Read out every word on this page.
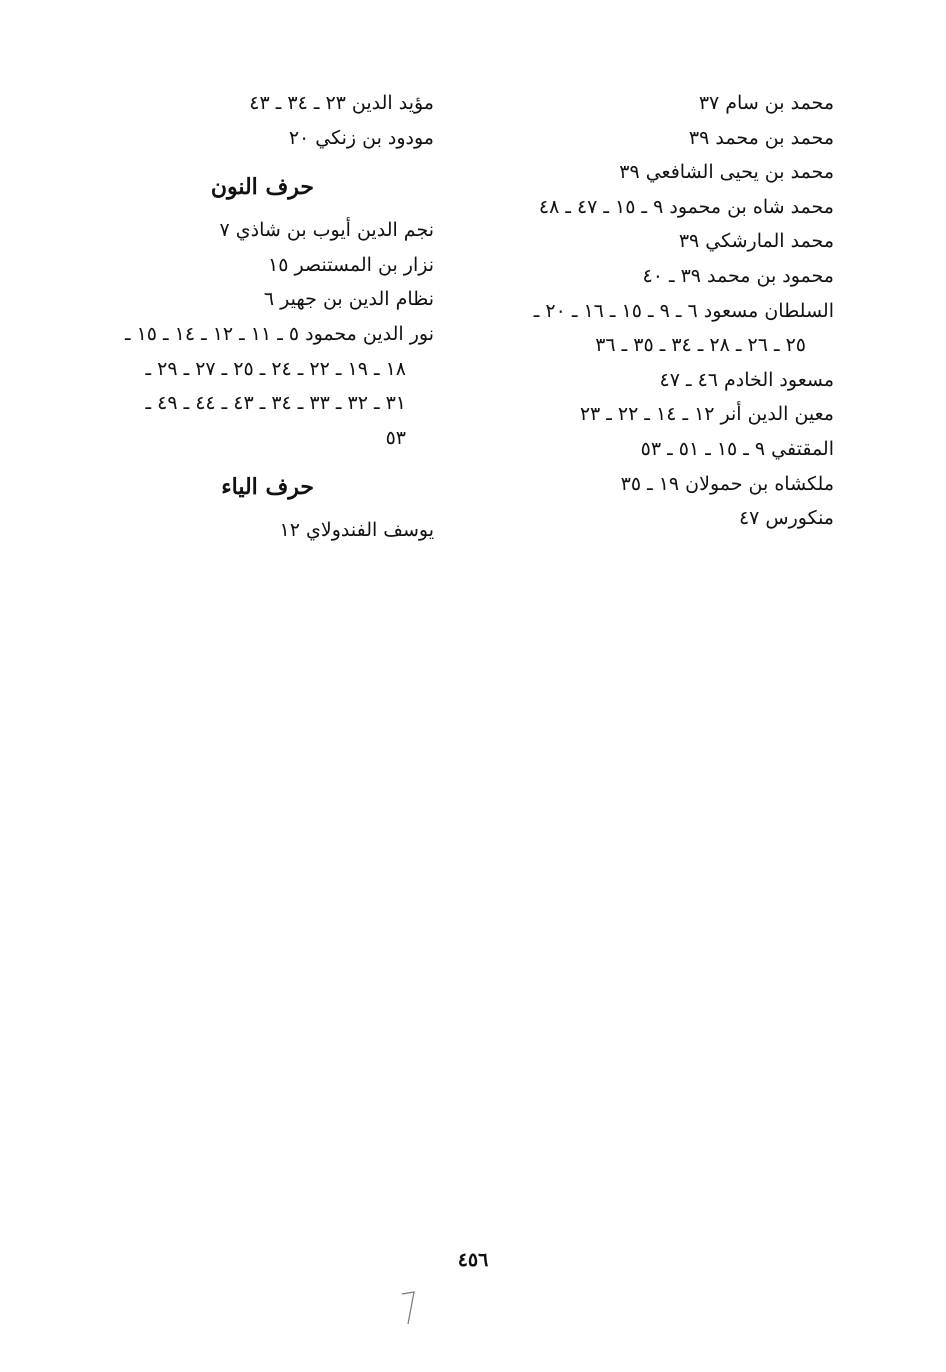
محمد بن سام ٣٧
محمد بن محمد ٣٩
محمد بن يحيى الشافعي ٣٩
محمد شاه بن محمود ٩ ـ ١٥ ـ ٤٧ ـ ٤٨
محمد المارشكي ٣٩
محمود بن محمد ٣٩ ـ ٤٠
السلطان مسعود ٦ ـ ٩ ـ ١٥ ـ ١٦ ـ ٢٠ ـ
٢٥ ـ ٢٦ ـ ٢٨ ـ ٣٤ ـ ٣٥ ـ ٣٦
مسعود الخادم ٤٦ ـ ٤٧
معين الدين أنر ١٢ ـ ١٤ ـ ٢٢ ـ ٢٣
المقتفي ٩ ـ ١٥ ـ ٥١ ـ ٥٣
ملكشاه بن حمولان ١٩ ـ ٣٥
منكورس ٤٧
مؤيد الدين ٢٣ ـ ٣٤ ـ ٤٣
مودود بن زنكي ٢٠
حرف النون
نجم الدين أيوب بن شاذي ٧
نزار بن المستنصر ١٥
نظام الدين بن جهير ٦
نور الدين محمود ٥ ـ ١١ ـ ١٢ ـ ١٤ ـ ١٥ ـ
١٨ ـ ١٩ ـ ٢٢ ـ ٢٤ ـ ٢٥ ـ ٢٧ ـ ٢٩ ـ
٣١ ـ ٣٢ ـ ٣٣ ـ ٣٤ ـ ٤٣ ـ ٤٤ ـ ٤٩ ـ
٥٣
حرف الياء
يوسف الفندولاي ١٢
٤٥٦
